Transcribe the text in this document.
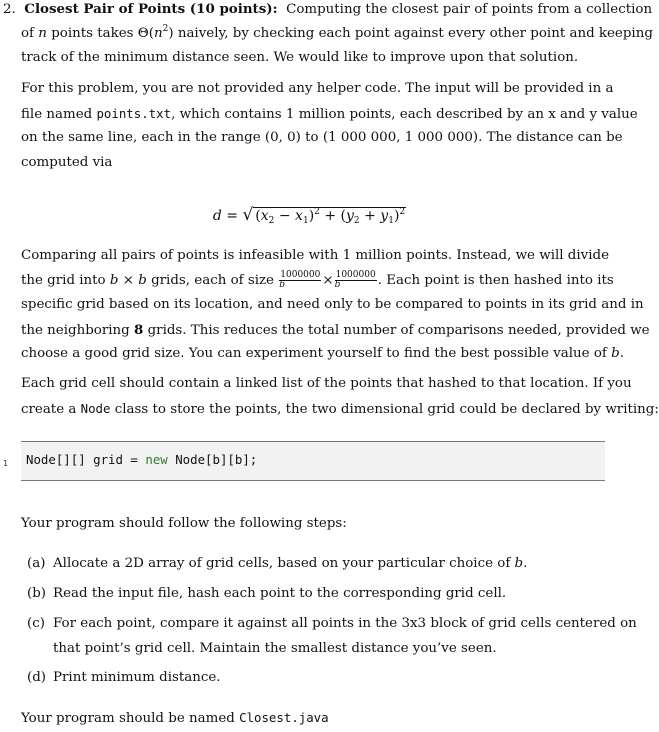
2. Closest Pair of Points (10 points): Computing the closest pair of points from a collection
of n points takes $\Theta(n^2)$ naively, by checking each point against every other point and keeping
track of the minimum distance seen. We would like to improve upon that solution.
For this problem, you are not provided any helper code. The input will be provided in a
file named points.txt, which contains 1 million points, each described by an x and y value
on the same line, each in the range (0, 0) to (1 000 000, 1 000 000). The distance can be
computed via
d = √ $(x_2 - x_1)^2 + (y_2 + y_1)^2$
Comparing all pairs of points is infeasible with 1 million points. Instead, we will divide
the grid into b × b grids, each of size $\frac{1000000}{b} \times \frac{1000000}{b}$ . Each point is then hashed into its
specific grid based on its location, and need only to be compared to points in its grid and in
the neighboring 8 grids. This reduces the total number of comparisons needed, provided we
choose a good grid size. You can experiment yourself to find the best possible value of b.
Each grid cell should contain a linked list of the points that hashed to that location. If you
create a Node class to store the points, the two dimensional grid could be declared by writing:
1 Node[][] grid = new Node[b][b];
Your program should follow the following steps:
(a) Allocate a 2D array of grid cells, based on your particular choice of b.
(b) Read the input file, hash each point to the corresponding grid cell.
(c) For each point, compare it against all points in the 3x3 block of grid cells centered on
that point’s grid cell. Maintain the smallest distance you’ve seen.
(d) Print minimum distance.
Your program should be named Closest.java
